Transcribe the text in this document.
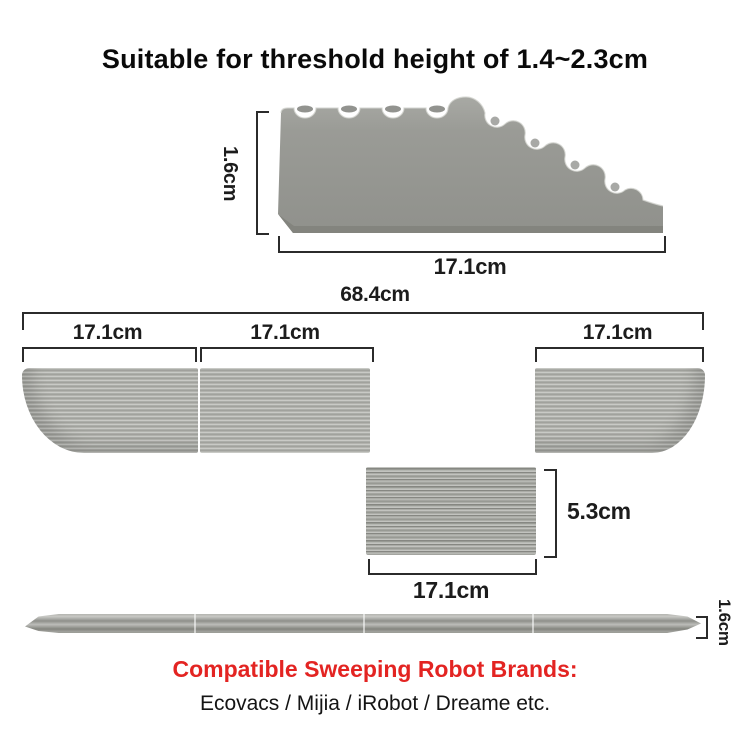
Suitable for threshold height of 1.4~2.3cm
1.6cm
17.1cm
68.4cm
17.1cm	17.1cm	17.1cm
5.3cm
17.1cm
1.6cm
Compatible Sweeping Robot Brands:
Ecovacs / Mijia / iRobot / Dreame etc.
